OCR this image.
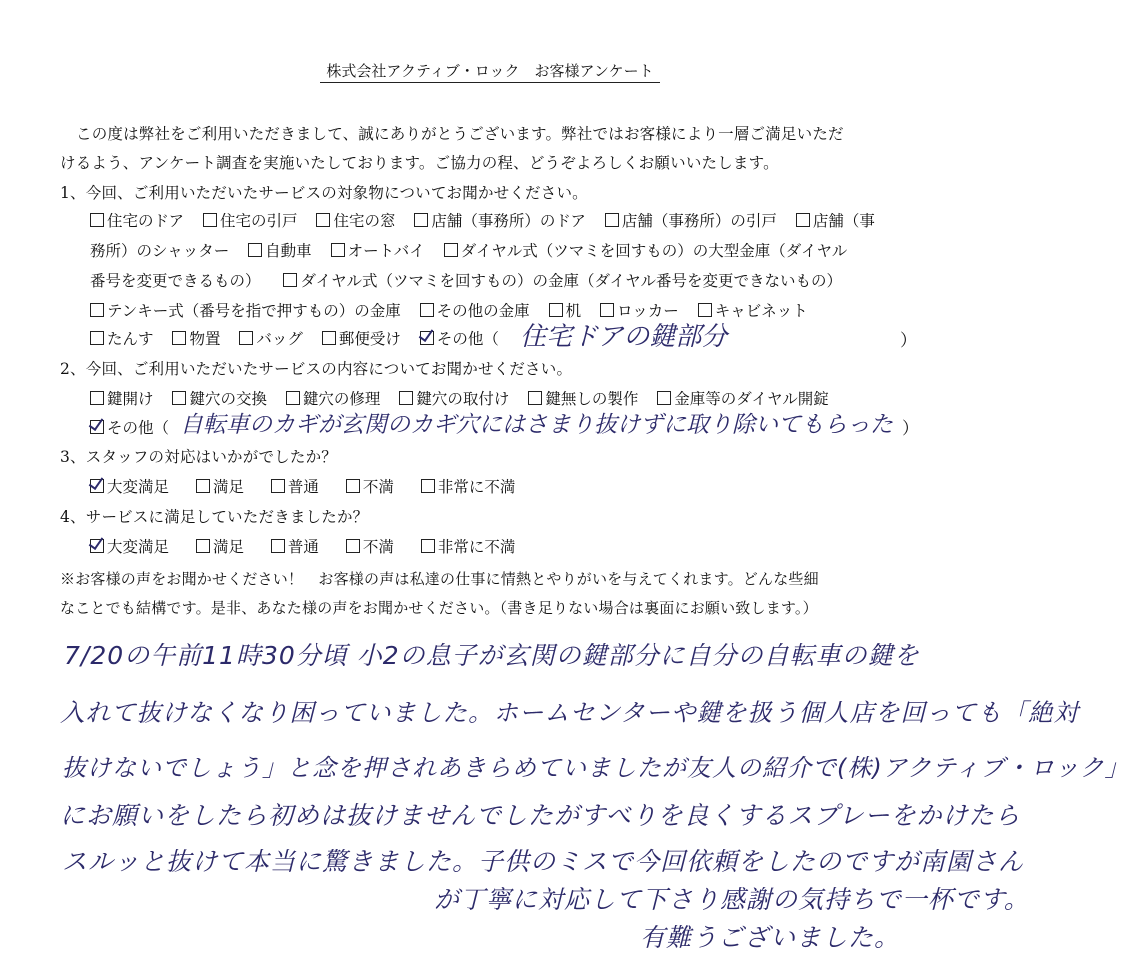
株式会社アクティブ・ロック　お客様アンケート
この度は弊社をご利用いただきまして、誠にありがとうございます。弊社ではお客様により一層ご満足いただ
けるよう、アンケート調査を実施いたしております。ご協力の程、どうぞよろしくお願いいたします。
1、今回、ご利用いただいたサービスの対象物についてお聞かせください。
住宅のドア 住宅の引戸 住宅の窓 店舗（事務所）のドア 店舗（事務所）の引戸 店舗（事
務所）のシャッター 自動車 オートバイ ダイヤル式（ツマミを回すもの）の大型金庫（ダイヤル
番号を変更できるもの）	ダイヤル式（ツマミを回すもの）の金庫（ダイヤル番号を変更できないもの）
テンキー式（番号を指で押すもの）の金庫 その他の金庫 机 ロッカー キャビネット
たんす 物置 バッグ 郵便受け その他（ 住宅ドアの鍵部分	）
2、今回、ご利用いただいたサービスの内容についてお聞かせください。
鍵開け 鍵穴の交換 鍵穴の修理 鍵穴の取付け 鍵無しの製作 金庫等のダイヤル開錠
その他（ 自転車のカギが玄関のカギ穴にはさまり抜けずに取り除いてもらった ）
3、スタッフの対応はいかがでしたか？
大変満足	満足	普通	不満	非常に不満
4、サービスに満足していただきましたか？
大変満足	満足	普通	不満	非常に不満
※お客様の声をお聞かせください！　お客様の声は私達の仕事に情熱とやりがいを与えてくれます。どんな些細
なことでも結構です。是非、あなた様の声をお聞かせください。（書き足りない場合は裏面にお願い致します。）
7/20の午前11時30分頃 小2の息子が玄関の鍵部分に自分の自転車の鍵を
入れて抜けなくなり困っていました。ホームセンターや鍵を扱う個人店を回っても「絶対
抜けないでしょう」と念を押されあきらめていましたが友人の紹介で(株)アクティブ・ロック」
にお願いをしたら初めは抜けませんでしたがすべりを良くするスプレーをかけたら
スルッと抜けて本当に驚きました。子供のミスで今回依頼をしたのですが南園さん
が丁寧に対応して下さり感謝の気持ちで一杯です。
有難うございました。
